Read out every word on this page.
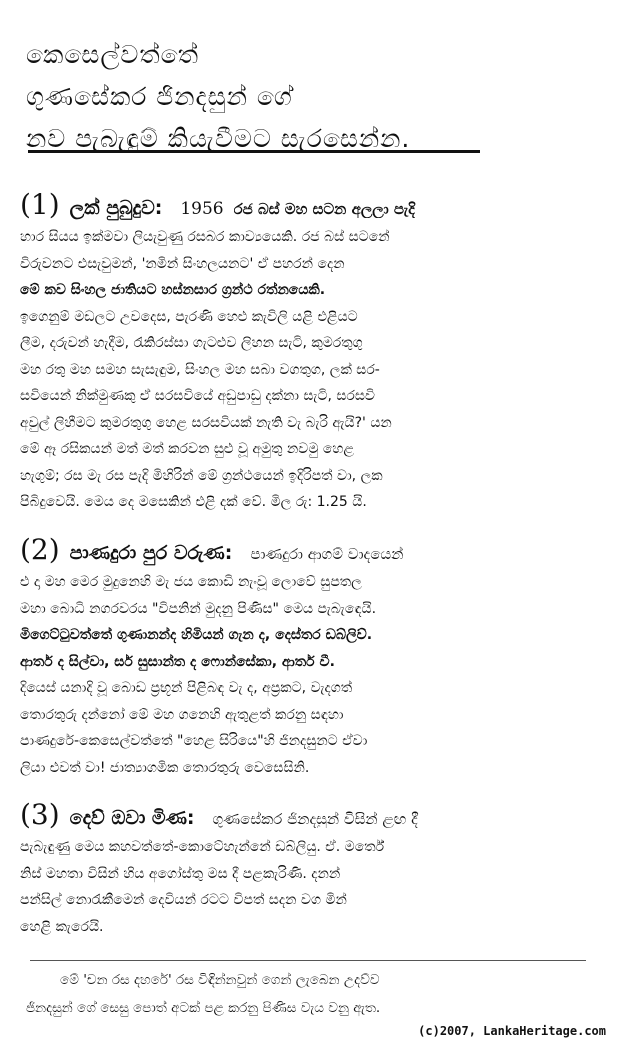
කෙසෙල්වත්තේ
ගුණසේකර ජිනදසුන් ගේ
නව පැබැඳුම් කියැවීමට සැරසෙන්න.
(1) ලක් පුබුදුව: 1956 රජ බස් මහ සටන අලලා පැදි
හාර සියය ඉක්මවා ලියැවුණු රසබර කාව්‍යයෙකි. රජ බස් සටනේ
විරුවනට එසැවුමන්, 'නමින් සිංහලයනට' ඒ පහරන් දෙන
මේ කව සිංහල ජාතියට හස්නසාර ග්‍රන්ථ රත්නයෙකි.
ඉගෙනුම් මඩලට උවදෙස, පැරණි හෙළු කැවිලි යළි එළියට
ලීම, දරුවන් හැදීම, රැකිරස්සා ගැටළුව ලිහන සැටි, කුමරතුගු
මහ රතු මහ සමහ සැසැඳුම, සිංහල මහ සබා වගතුග, ලක් සර-
සවියෙන් නික්මුණකු ඒ සරසවියේ අඩුපාඩු දක්නා සැටි, සරසවි
අවුල් ලිහීමට කුමරතුගු හෙළ සරසවියක් නැති වැ බැරි ඇයි?' යන
මේ ඈ රසිකයන් මත් මත් කරවන සුළු වූ අමුතු නවමු හෙළ
හැගුම්; රස මැ රස පැදි මිහිරින් මේ ග්‍රන්ථයෙන් ඉදිරිපත් වා, ලක
පිබිදුවෙයි. මෙය දෙ මසෙකින් එළි දක් වේ. මිල රු: 1.25 යි.
(2) පාණදුරා පුර වරුණ: පාණදුරා ආගම් වාදයෙන්
එ දා මහ මෙර මුදුනෙහි මැ ජය කොඩි නැංවූ ලොවේ සුපතල
මහා බොධි නගරවරය "විපනින් මුදනු පිණිස" මෙය පැබැඳෙයි.
මිගෙට්ටුවත්තේ ගුණානන්ද හිමියන් ගැන ද, දෙස්තර ඩබ්ලිව්.
ආතර් ද සිල්වා, සර් සුසාන්ත ද ෆොන්සේකා, ආතර් වී.
දියෙස් යනාදි වූ බොඩ ප්‍රභූන් පිළිබඳ වැ ද, අප්‍රකට, වැදගත්
තොරතුරු දන්නෝ මේ මහ ගනෙහි ඇතුළත් කරනු සඳහා
පාණදුරේ-කෙසෙල්වත්තේ "හෙළ සිරියෙ"හි ජිනදසුනට ඒවා
ලියා එවත් වා! ජාත්‍යාගමික තොරතුරු වෙසෙසිනි.
(3) දෙව් ඔවා මිණ: ගුණසේකර ජිනදසුන් විසින් ළඟ දී
පැබැඳුණු මෙය කහවත්තේ-කොටේහැන්නේ ඩබ්ලියු. ඒ. මර්තේ
නිස් මහතා විසින් හිය අගෝස්තු මස දී පළකැරිණි. දනන්
පන්සිල් නොරැකීමෙන් දෙවියන් රටට විපත් සදන වග මින්
හෙළි කැරෙයි.
මේ 'චන රස දහරේ' රස විඳින්නවුන් ගෙන් ලැබෙන උදව්ව
ජිනදසුන් ගේ සෙසු පොත් අටක් පළ කරනු පිණිස වැය වනු ඇත.
(c)2007, LankaHeritage.com
